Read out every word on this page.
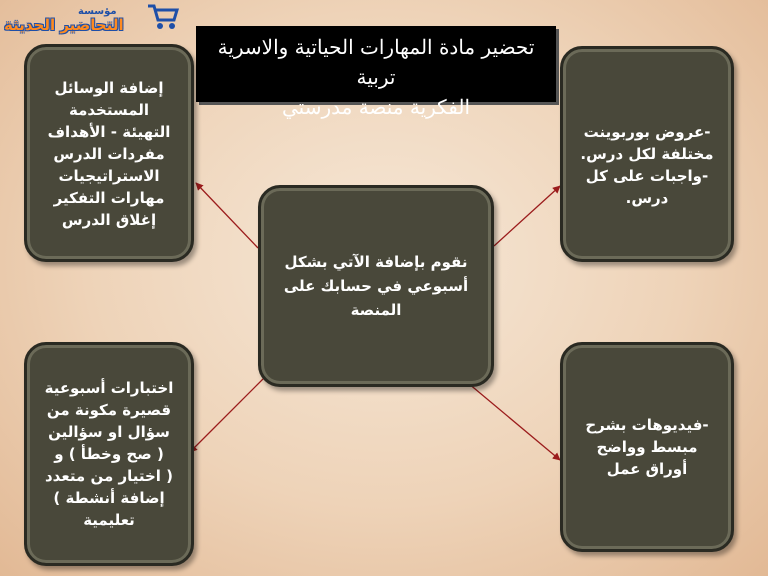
مؤسسة
التحاضير الحديثة
تحضير مادة المهارات الحياتية والاسرية تربية
الفكرية منصة مدرستي
إضافة الوسائل
المستخدمة
التهيئة - الأهداف
مفردات الدرس
الاستراتيجيات
مهارات التفكير
إغلاق الدرس
-عروض بوربوينت مختلفة لكل درس.
-واجبات على كل درس.
نقوم بإضافة الآتي بشكل أسبوعي في حسابك على المنصة
اختبارات أسبوعية قصيرة مكونة من سؤال او سؤالين
( صح وخطأ ) و
( اختيار من متعدد إضافة أنشطة )
تعليمية
-فيديوهات بشرح مبسط وواضح
أوراق عمل
